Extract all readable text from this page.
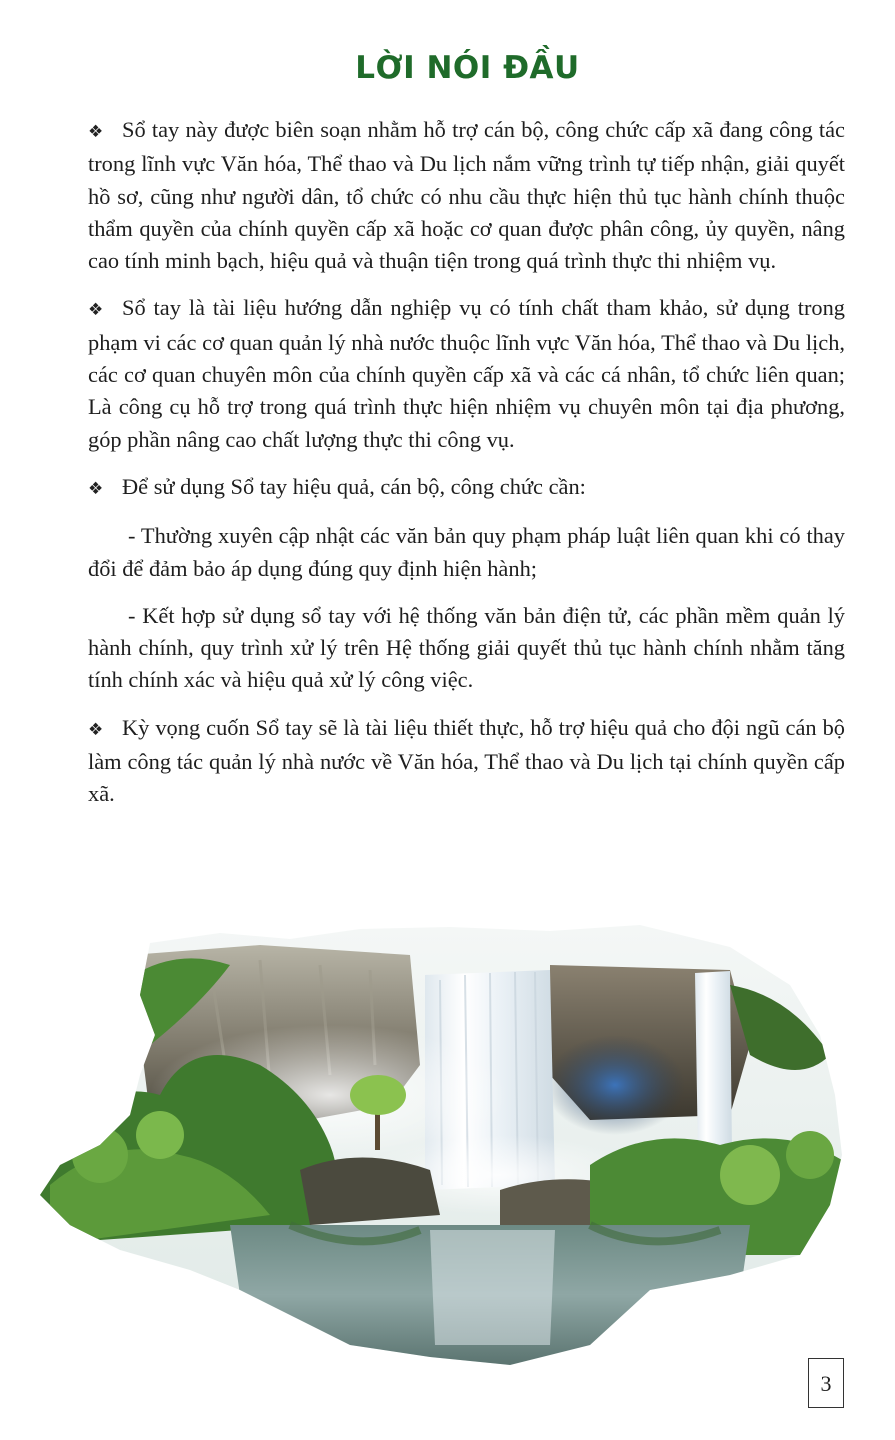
LỜI NÓI ĐẦU

❖ Sổ tay này được biên soạn nhằm hỗ trợ cán bộ, công chức cấp xã đang công tác trong lĩnh vực Văn hóa, Thể thao và Du lịch nắm vững trình tự tiếp nhận, giải quyết hồ sơ, cũng như người dân, tổ chức có nhu cầu thực hiện thủ tục hành chính thuộc thẩm quyền của chính quyền cấp xã hoặc cơ quan được phân công, ủy quyền, nâng cao tính minh bạch, hiệu quả và thuận tiện trong quá trình thực thi nhiệm vụ.

❖ Sổ tay là tài liệu hướng dẫn nghiệp vụ có tính chất tham khảo, sử dụng trong phạm vi các cơ quan quản lý nhà nước thuộc lĩnh vực Văn hóa, Thể thao và Du lịch, các cơ quan chuyên môn của chính quyền cấp xã và các cá nhân, tổ chức liên quan; Là công cụ hỗ trợ trong quá trình thực hiện nhiệm vụ chuyên môn tại địa phương, góp phần nâng cao chất lượng thực thi công vụ.

❖ Để sử dụng Sổ tay hiệu quả, cán bộ, công chức cần:

- Thường xuyên cập nhật các văn bản quy phạm pháp luật liên quan khi có thay đổi để đảm bảo áp dụng đúng quy định hiện hành;

- Kết hợp sử dụng sổ tay với hệ thống văn bản điện tử, các phần mềm quản lý hành chính, quy trình xử lý trên Hệ thống giải quyết thủ tục hành chính nhằm tăng tính chính xác và hiệu quả xử lý công việc.

❖ Kỳ vọng cuốn Sổ tay sẽ là tài liệu thiết thực, hỗ trợ hiệu quả cho đội ngũ cán bộ làm công tác quản lý nhà nước về Văn hóa, Thể thao và Du lịch tại chính quyền cấp xã.

3
